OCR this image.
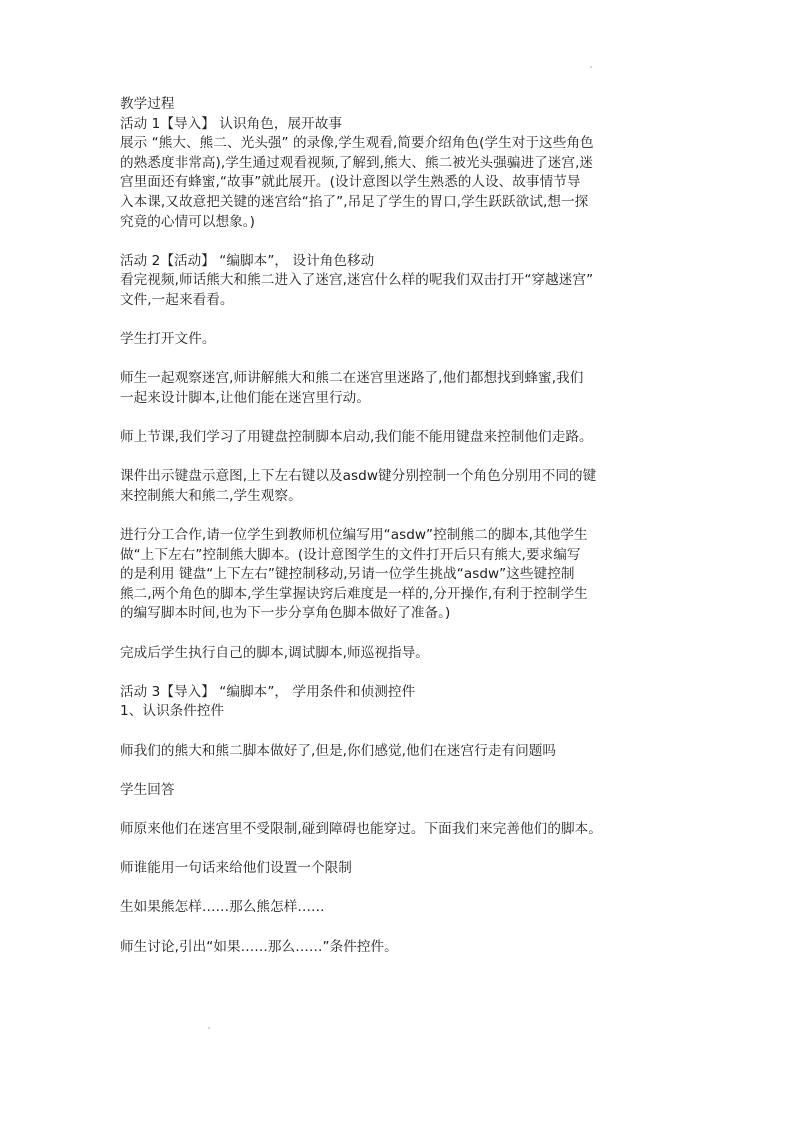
教学过程

活动 1【导入】 认识角色，展开故事

展示 “熊大、熊二、光头强” 的录像,学生观看,简要介绍角色(学生对于这些角色

的熟悉度非常高),学生通过观看视频,了解到,熊大、熊二被光头强骗进了迷宫,迷

宫里面还有蜂蜜,“故事”就此展开。(设计意图以学生熟悉的人设、故事情节导

入本课,又故意把关键的迷宫给“掐了”,吊足了学生的胃口,学生跃跃欲试,想一探

究竟的心情可以想象。)

活动 2【活动】 “编脚本”， 设计角色移动

看完视频,师话熊大和熊二进入了迷宫,迷宫什么样的呢我们双击打开“穿越迷宫”

文件,一起来看看。

学生打开文件。

师生一起观察迷宫,师讲解熊大和熊二在迷宫里迷路了,他们都想找到蜂蜜,我们

一起来设计脚本,让他们能在迷宫里行动。

师上节课,我们学习了用键盘控制脚本启动,我们能不能用键盘来控制他们走路。

课件出示键盘示意图,上下左右键以及asdw键分别控制一个角色分别用不同的键

来控制熊大和熊二,学生观察。

进行分工合作,请一位学生到教师机位编写用“asdw”控制熊二的脚本,其他学生

做“上下左右”控制熊大脚本。(设计意图学生的文件打开后只有熊大,要求编写

的是利用 键盘“上下左右”键控制移动,另请一位学生挑战“asdw”这些键控制

熊二,两个角色的脚本,学生掌握诀窍后难度是一样的,分开操作,有利于控制学生

的编写脚本时间,也为下一步分享角色脚本做好了准备。)

完成后学生执行自己的脚本,调试脚本,师巡视指导。

活动 3【导入】 “编脚本”， 学用条件和侦测控件

1、认识条件控件

师我们的熊大和熊二脚本做好了,但是,你们感觉,他们在迷宫行走有问题吗

学生回答

师原来他们在迷宫里不受限制,碰到障碍也能穿过。下面我们来完善他们的脚本。

师谁能用一句话来给他们设置一个限制

生如果熊怎样……那么熊怎样……

师生讨论,引出“如果……那么……”条件控件。
